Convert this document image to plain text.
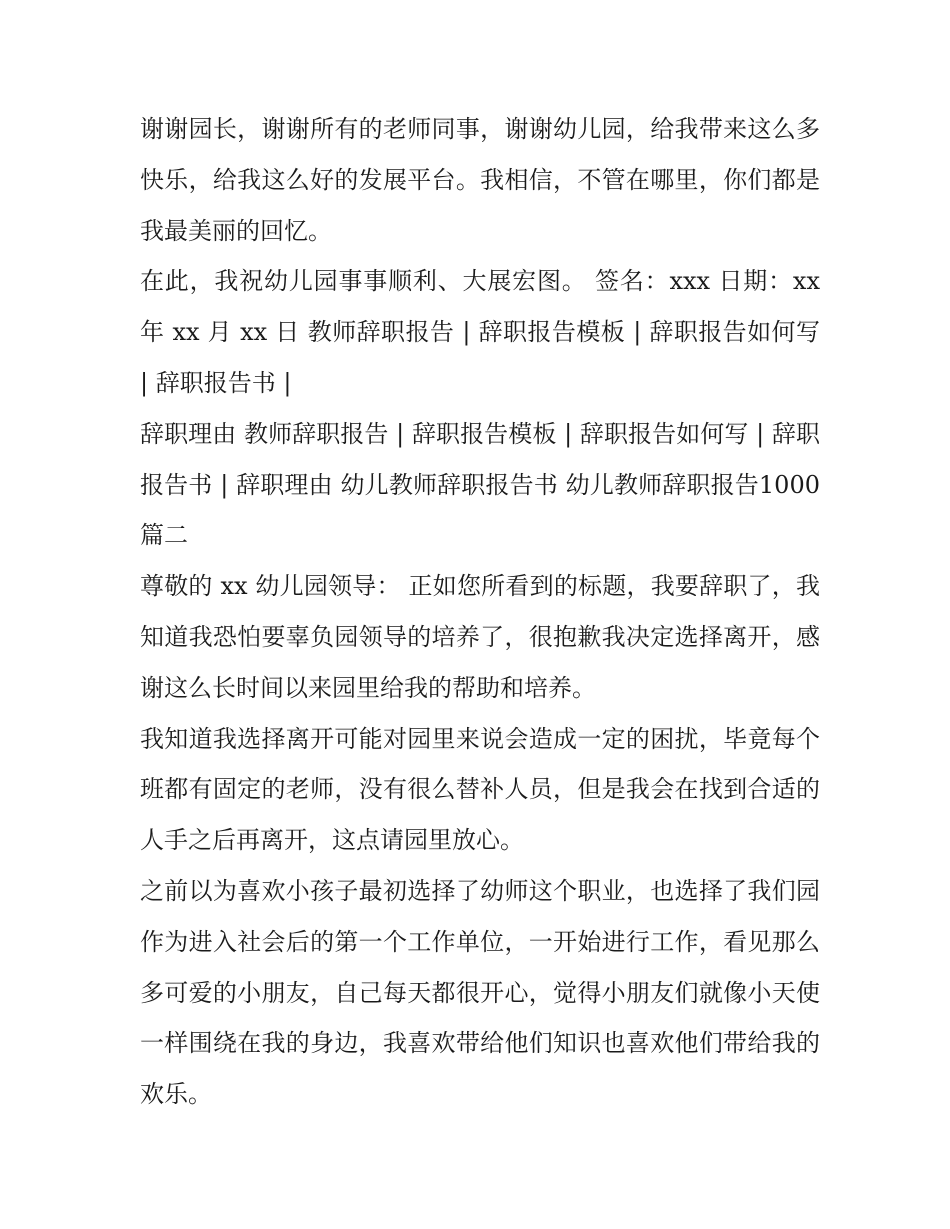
谢谢园长，谢谢所有的老师同事，谢谢幼儿园，给我带来这么多快乐，给我这么好的发展平台。我相信，不管在哪里，你们都是我最美丽的回忆。

在此，我祝幼儿园事事顺利、大展宏图。 签名：xxx 日期：xx 年 xx 月 xx 日 教师辞职报告 | 辞职报告模板 | 辞职报告如何写 | 辞职报告书 |

辞职理由 教师辞职报告 | 辞职报告模板 | 辞职报告如何写 | 辞职报告书 | 辞职理由 幼儿教师辞职报告书 幼儿教师辞职报告1000 篇二

尊敬的 xx 幼儿园领导： 正如您所看到的标题，我要辞职了，我知道我恐怕要辜负园领导的培养了，很抱歉我决定选择离开，感谢这么长时间以来园里给我的帮助和培养。

我知道我选择离开可能对园里来说会造成一定的困扰，毕竟每个班都有固定的老师，没有很么替补人员，但是我会在找到合适的人手之后再离开，这点请园里放心。

之前以为喜欢小孩子最初选择了幼师这个职业，也选择了我们园作为进入社会后的第一个工作单位，一开始进行工作，看见那么多可爱的小朋友，自己每天都很开心，觉得小朋友们就像小天使一样围绕在我的身边，我喜欢带给他们知识也喜欢他们带给我的欢乐。
